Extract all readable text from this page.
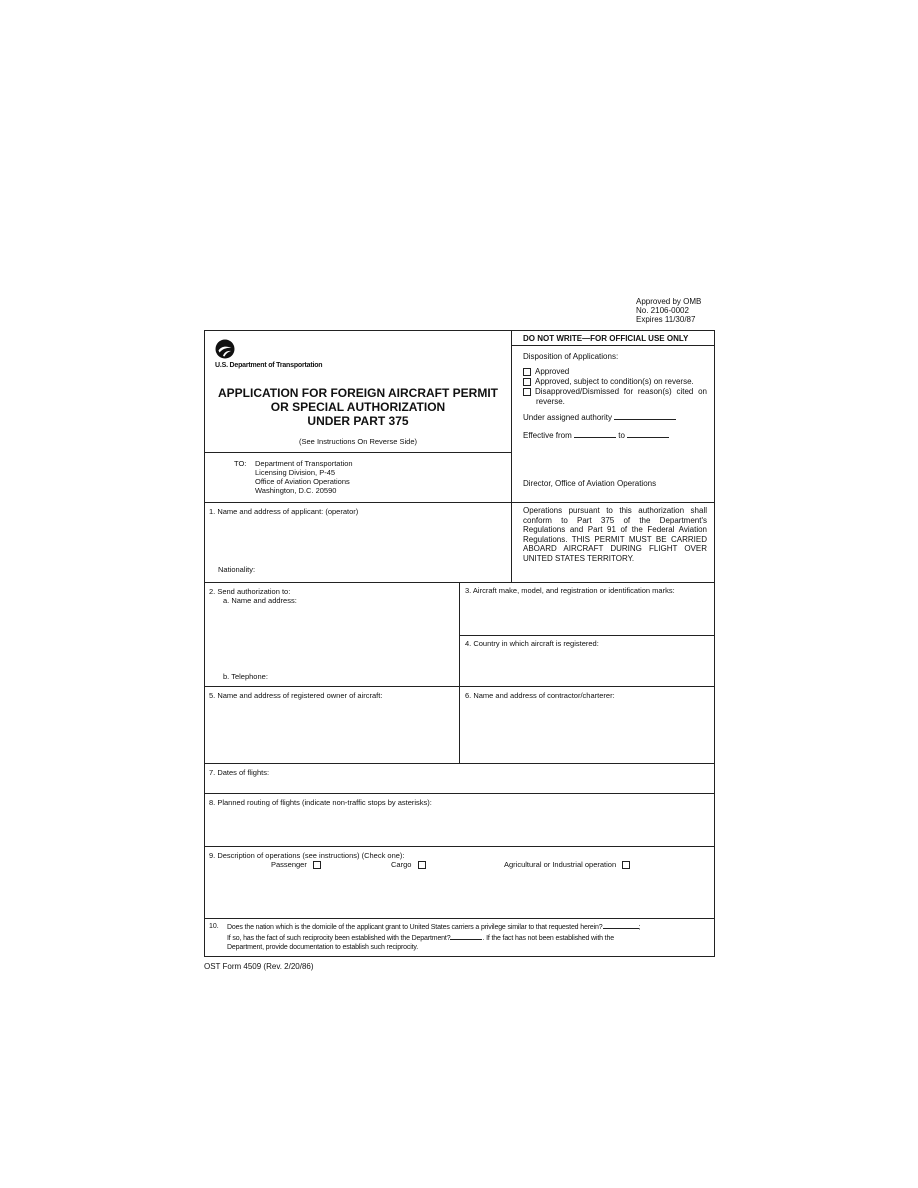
Approved by OMB
No. 2106-0002
Expires 11/30/87
U.S. Department of Transportation
APPLICATION FOR FOREIGN AIRCRAFT PERMIT
OR SPECIAL AUTHORIZATION
UNDER PART 375
(See Instructions On Reverse Side)
TO: Department of Transportation
Licensing Division, P-45
Office of Aviation Operations
Washington, D.C. 20590
DO NOT WRITE—FOR OFFICIAL USE ONLY
Disposition of Applications:
Approved
Approved, subject to condition(s) on reverse.
Disapproved/Dismissed for reason(s) cited on reverse.
Under assigned authority
Effective from	to
Director, Office of Aviation Operations
Operations pursuant to this authorization shall conform to Part 375 of the Department's Regulations and Part 91 of the Federal Aviation Regulations. THIS PERMIT MUST BE CARRIED ABOARD AIRCRAFT DURING FLIGHT OVER UNITED STATES TERRITORY.
1. Name and address of applicant: (operator)
Nationality:
2. Send authorization to:
a. Name and address:
b. Telephone:
3. Aircraft make, model, and registration or identification marks:
4. Country in which aircraft is registered:
5. Name and address of registered owner of aircraft:	6. Name and address of contractor/charterer:
7. Dates of flights:
8. Planned routing of flights (indicate non-traffic stops by asterisks):
9. Description of operations (see instructions) (Check one):
Passenger	Cargo	Agricultural or Industrial operation
10. Does the nation which is the domicile of the applicant grant to United States carriers a privilege similar to that requested herein?	;
If so, has the fact of such reciprocity been established with the Department?	. If the fact has not been established with the
Department, provide documentation to establish such reciprocity.
OST Form 4509 (Rev. 2/20/86)
